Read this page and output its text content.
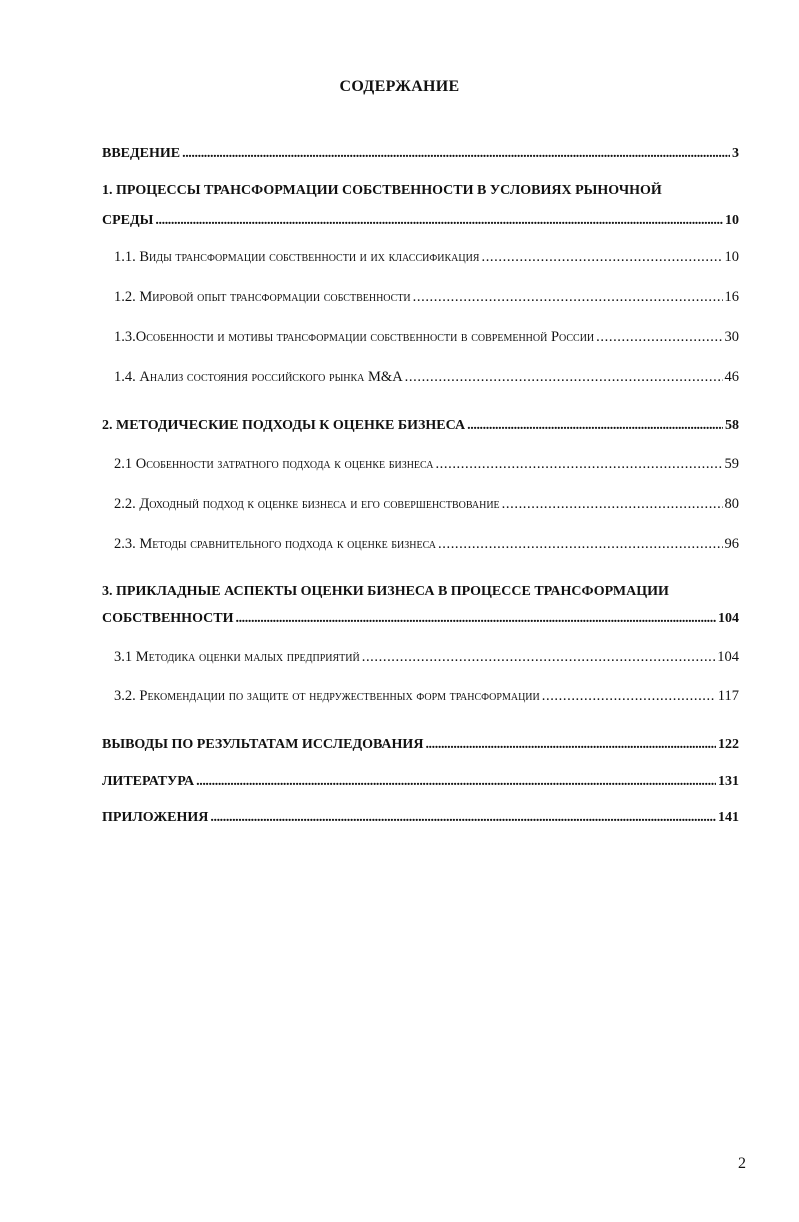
СОДЕРЖАНИЕ
ВВЕДЕНИЕ .....	3
1. ПРОЦЕССЫ ТРАНСФОРМАЦИИ СОБСТВЕННОСТИ В УСЛОВИЯХ РЫНОЧНОЙ
СРЕДЫ .....	10
1.1. Виды трансформации собственности и их классификация .....	10
1.2. Мировой опыт трансформации собственности .....	16
1.3.Особенности и мотивы трансформации собственности в современной России .....	30
1.4. Анализ состояния российского рынка M&A .....	46
2. МЕТОДИЧЕСКИЕ ПОДХОДЫ К ОЦЕНКЕ БИЗНЕСА .....	58
2.1 Особенности затратного подхода к оценке бизнеса .....	59
2.2. Доходный подход к оценке бизнеса и его совершенствование .....	80
2.3. Методы сравнительного подхода к оценке бизнеса .....	96
3. ПРИКЛАДНЫЕ АСПЕКТЫ ОЦЕНКИ БИЗНЕСА В ПРОЦЕССЕ ТРАНСФОРМАЦИИ
СОБСТВЕННОСТИ .....	104
3.1 Методика оценки малых предприятий .....	104
3.2. Рекомендации по защите от недружественных форм трансформации .....	117
ВЫВОДЫ ПО РЕЗУЛЬТАТАМ ИССЛЕДОВАНИЯ .....	122
ЛИТЕРАТУРА .....	131
ПРИЛОЖЕНИЯ .....	141
2
